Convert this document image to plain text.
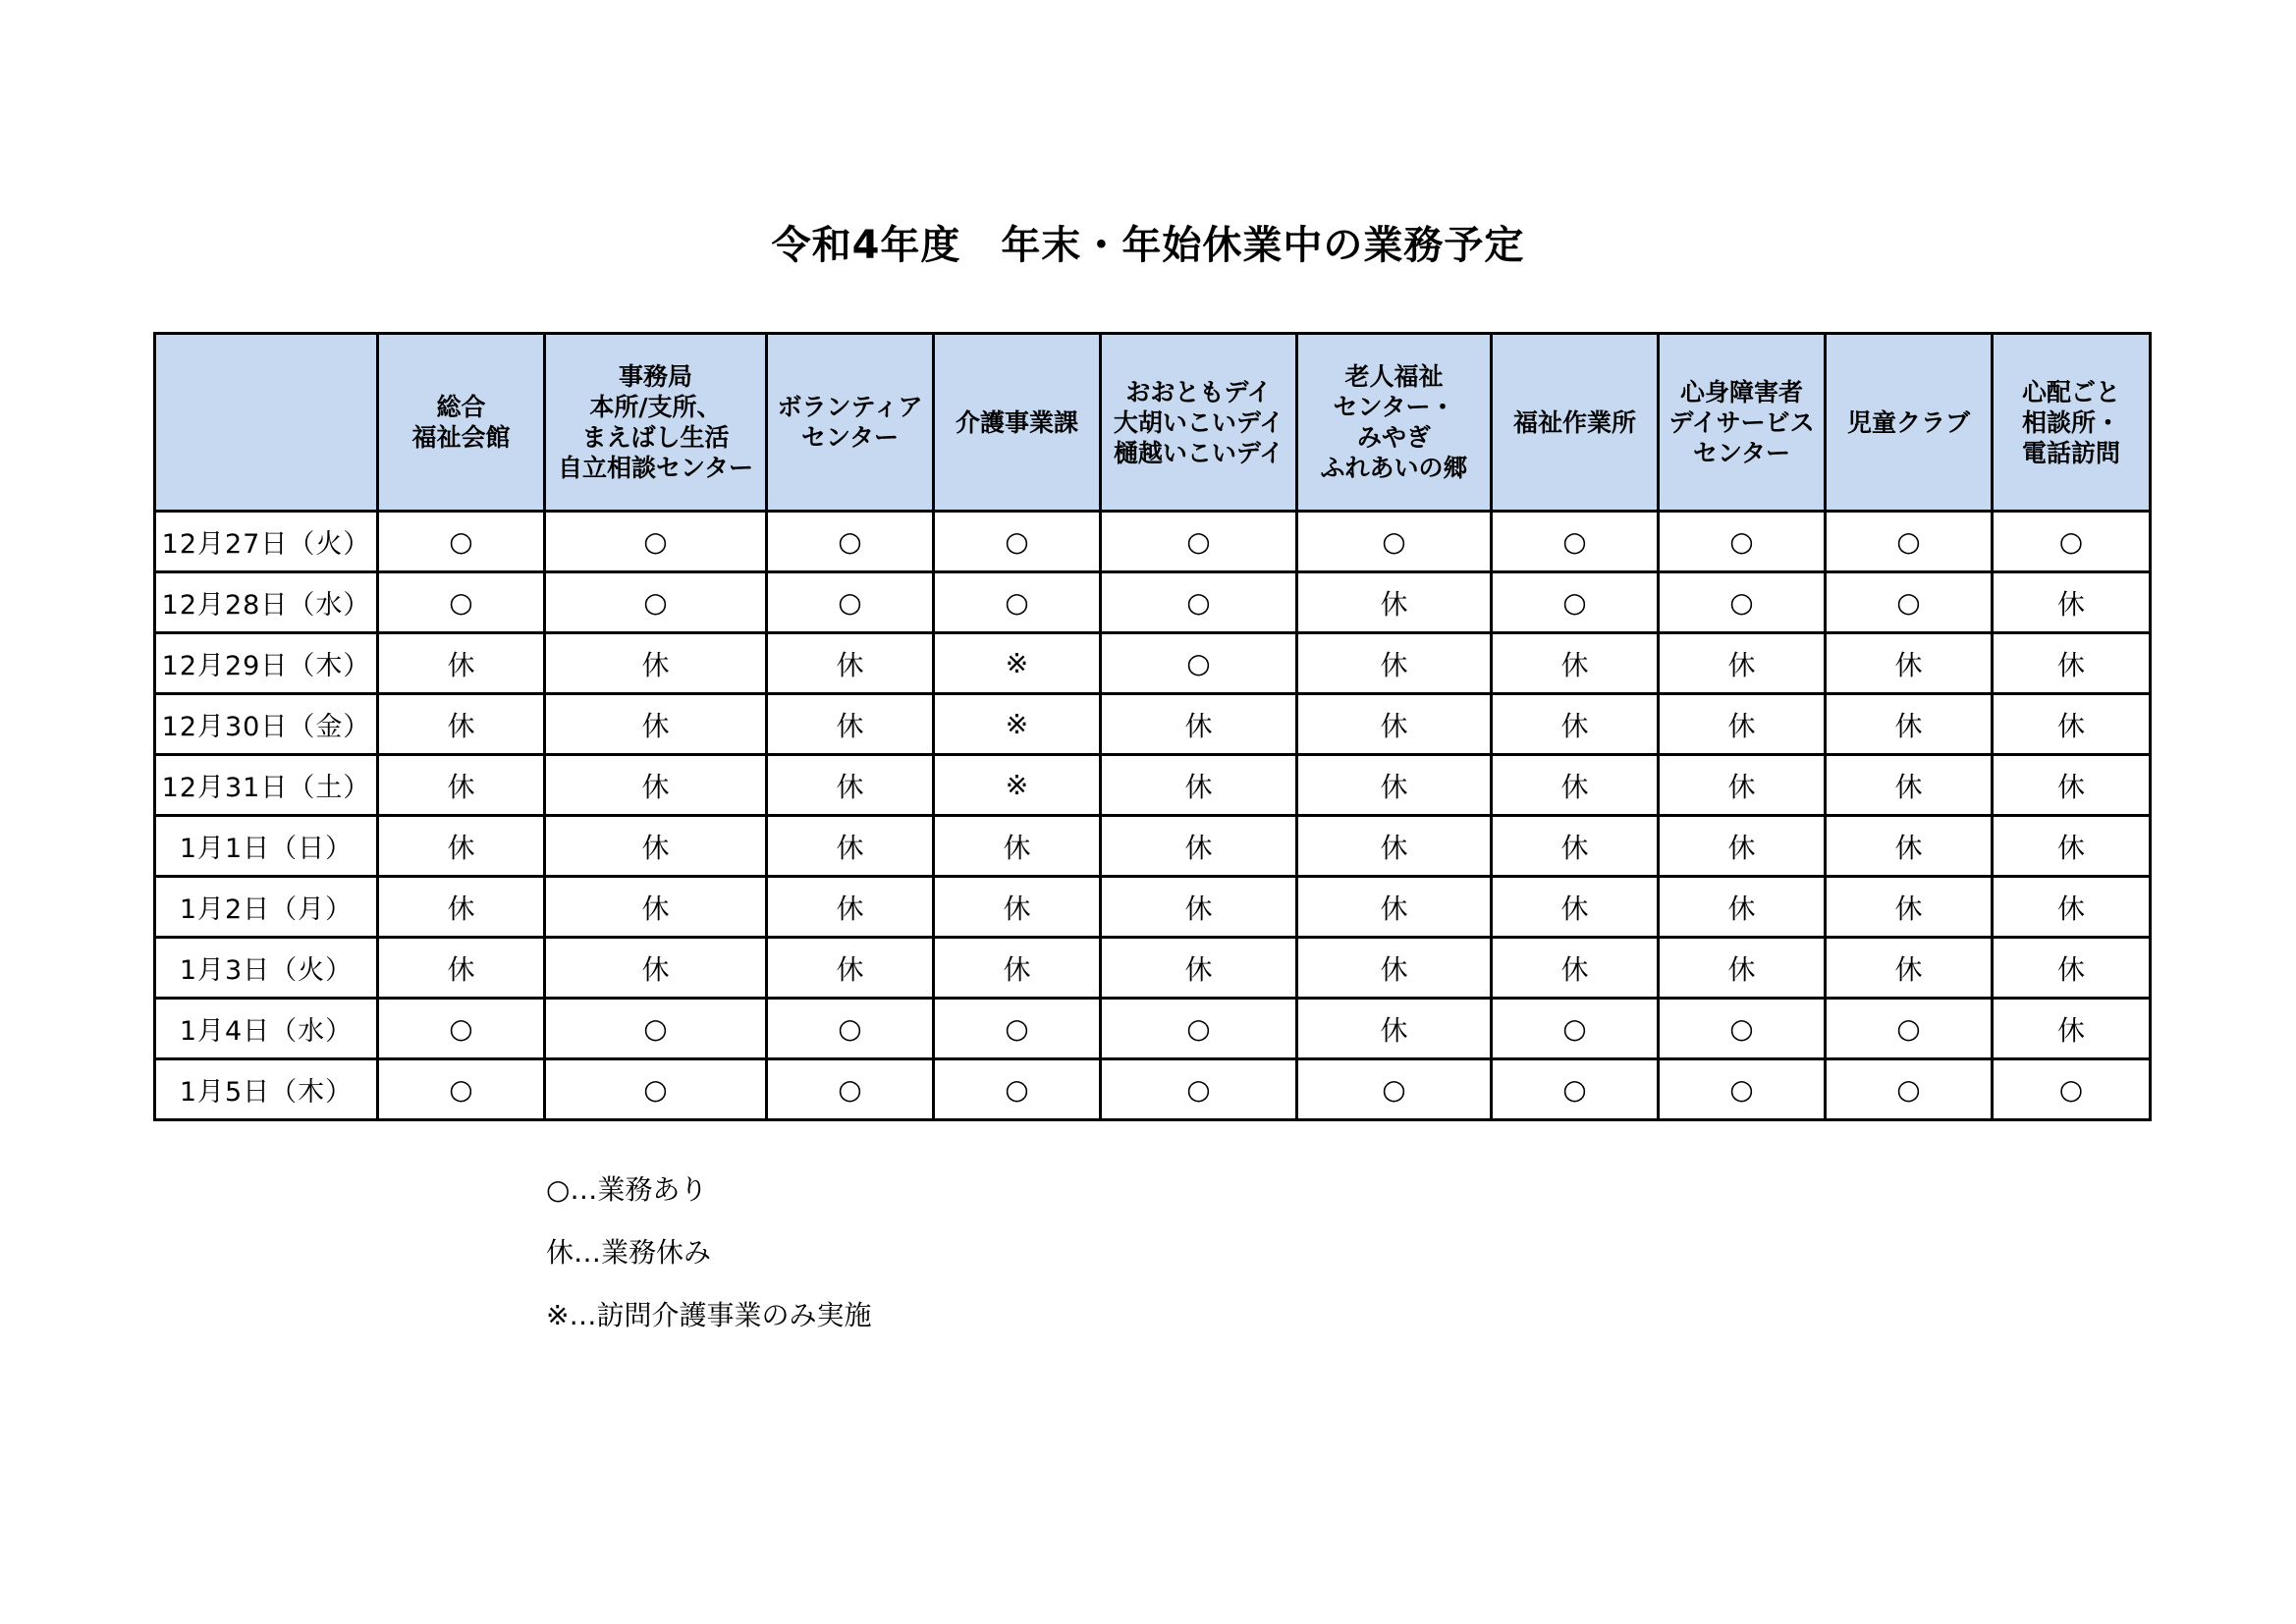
令和4年度　年末・年始休業中の業務予定

	総合
福祉会館	事務局
本所/支所、
まえばし生活
自立相談センター	ボランティア
センター	介護事業課	おおともデイ
大胡いこいデイ
樋越いこいデイ	老人福祉
センター・
みやぎ
ふれあいの郷	福祉作業所	心身障害者
デイサービス
センター	児童クラブ	心配ごと
相談所・
電話訪問

12月27日（火）	○	○	○	○	○	○	○	○	○	○
12月28日（水）	○	○	○	○	○	休	○	○	○	休
12月29日（木）	休	休	休	※	○	休	休	休	休	休
12月30日（金）	休	休	休	※	休	休	休	休	休	休
12月31日（土）	休	休	休	※	休	休	休	休	休	休
1月1日（日）	休	休	休	休	休	休	休	休	休	休
1月2日（月）	休	休	休	休	休	休	休	休	休	休
1月3日（火）	休	休	休	休	休	休	休	休	休	休
1月4日（水）	○	○	○	○	○	休	○	○	○	休
1月5日（木）	○	○	○	○	○	○	○	○	○	○
○…業務あり
休…業務休み
※…訪問介護事業のみ実施
